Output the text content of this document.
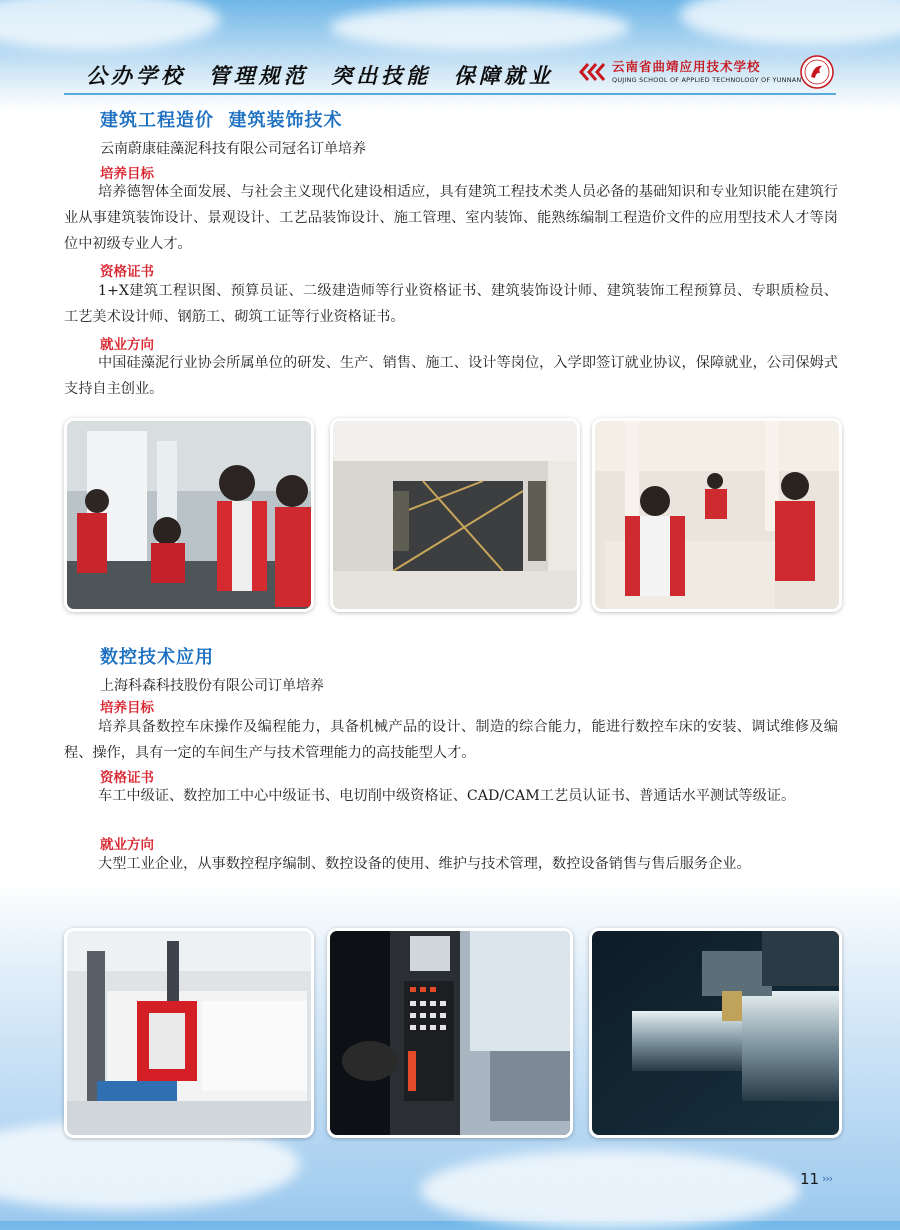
公办学校  管理规范  突出技能  保障就业	云南省曲靖应用技术学校
QUJING SCHOOL OF APPLIED TECHNOLOGY OF YUNNAN
建筑工程造价  建筑装饰技术
云南蔚康硅藻泥科技有限公司冠名订单培养
培养目标

培养德智体全面发展、与社会主义现代化建设相适应，具有建筑工程技术类人员必备的基础知识和专业知识能在建筑行业从事建筑装饰设计、景观设计、工艺品装饰设计、施工管理、室内装饰、能熟练编制工程造价文件的应用型技术人才等岗位中初级专业人才。

资格证书

1+X建筑工程识图、预算员证、二级建造师等行业资格证书、建筑装饰设计师、建筑装饰工程预算员、专职质检员、工艺美术设计师、钢筋工、砌筑工证等行业资格证书。

就业方向

中国硅藻泥行业协会所属单位的研发、生产、销售、施工、设计等岗位，入学即签订就业协议，保障就业，公司保姆式支持自主创业。

数控技术应用
上海科森科技股份有限公司订单培养
培养目标

培养具备数控车床操作及编程能力，具备机械产品的设计、制造的综合能力，能进行数控车床的安装、调试维修及编程、操作，具有一定的车间生产与技术管理能力的高技能型人才。

资格证书

车工中级证、数控加工中心中级证书、电切削中级资格证、CAD/CAM工艺员认证书、普通话水平测试等级证。

就业方向

大型工业企业，从事数控程序编制、数控设备的使用、维护与技术管理，数控设备销售与售后服务企业。

11 ›››
